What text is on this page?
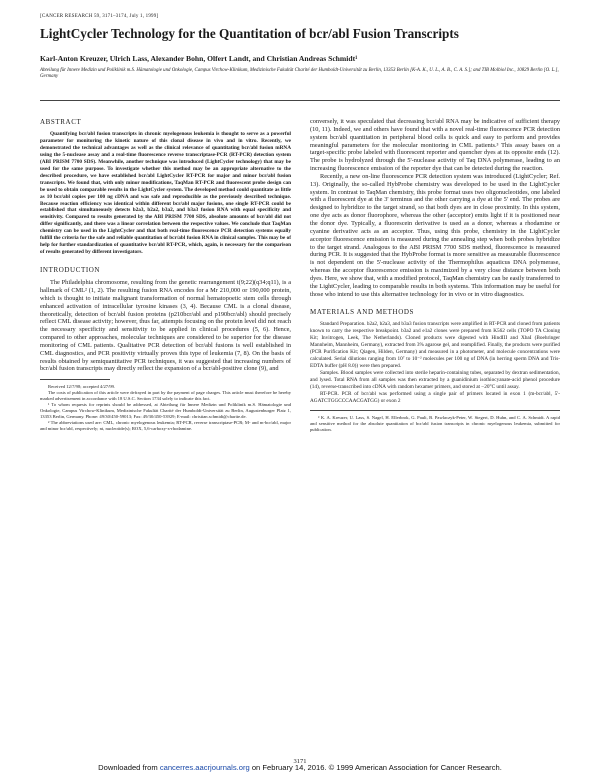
[CANCER RESEARCH 59, 3171–3174, July 1, 1999]
LightCycler Technology for the Quantitation of bcr/abl Fusion Transcripts
Karl-Anton Kreuzer, Ulrich Lass, Alexander Bohn, Olfert Landt, and Christian Andreas Schmidt¹
Abteilung für Innere Medizin und Poliklinik m.S. Hämatologie und Onkologie, Campus Virchow-Klinikum, Medizinische Fakultät Charité der Humboldt-Universität zu Berlin, 13353 Berlin [K-A. K., U. L., A. B., C. A. S.]; and TIB Molbiol Inc., 10829 Berlin [O. L.], Germany
ABSTRACT

Quantifying bcr/abl fusion transcripts in chronic myelogenous leukemia is thought to serve as a powerful parameter for monitoring the kinetic nature of this clonal disease in vivo and in vitro. Recently, we demonstrated the technical advantages as well as the clinical relevance of quantitating bcr/abl fusion mRNA using the 5-nuclease assay and a real-time fluorescence reverse transcriptase-PCR (RT-PCR) detection system (ABI PRISM 7700 SDS). Meanwhile, another technique was introduced (LightCycler technology) that may be used for the same purpose. To investigate whether this method may be an appropriate alternative to the described procedure, we have established bcr/abl LightCycler RT-PCR for major and minor bcr/abl fusion transcripts. We found that, with only minor modifications, TaqMan RT-PCR and fluorescent probe design can be used to obtain comparable results in the LightCycler system. The developed method could quantitate as little as 10 bcr/abl copies per 100 ng cDNA and was safe and reproducible as the previously described technique. Because reaction efficiency was identical within different bcr/abl major fusions, one single RT-PCR could be established that simultaneously detects b2a3, b2a2, b3a2, and b3a3 fusion RNA with equal specificity and sensitivity. Compared to results generated by the ABI PRISM 7700 SDS, absolute amounts of bcr/abl did not differ significantly, and there was a linear correlation between the respective values. We conclude that TaqMan chemistry can be used in the LightCycler and that both real-time fluorescence PCR detection systems equally fulfill the criteria for the safe and reliable quantitation of bcr/abl fusion RNA in clinical samples. This may be of help for further standardization of quantitative bcr/abl RT-PCR, which, again, is necessary for the comparison of results generated by different investigators.

INTRODUCTION

The Philadelphia chromosome, resulting from the genetic rearrangement t(9;22)(q34;q11), is a hallmark of CML² (1, 2). The resulting fusion RNA encodes for a Mr 210,000 or 190,000 protein, which is thought to initiate malignant transformation of normal hematopoetic stem cells through enhanced activation of intracellular tyrosine kinases (3, 4). Because CML is a clonal disease, theoretically, detection of bcr/abl fusion proteins (p210bcr/abl and p190bcr/abl) should precisely reflect CML disease activity; however, thus far, attempts focusing on the protein level did not reach the necessary specificity and sensitivity to be applied in clinical procedures (5, 6). Hence, compared to other approaches, molecular techniques are considered to be superior for the disease monitoring of CML patients. Qualitative PCR detection of bcr/abl fusions is well established in CML diagnostics, and PCR positivity virtually proves this type of leukemia (7, 8). On the basis of results obtained by semiquantitative PCR techniques, it was suggested that increasing numbers of bcr/abl fusion transcripts may directly reflect the expansion of a bcr/abl-positive clone (9), and

Received 12/7/98; accepted 4/27/99.

The costs of publication of this article were defrayed in part by the payment of page charges. This article must therefore be hereby marked advertisement in accordance with 18 U.S.C. Section 1734 solely to indicate this fact.

¹ To whom requests for reprints should be addressed, at Abteilung für Innere Medizin und Poliklinik m.S. Hämatologie und Onkologie, Campus Virchow-Klinikum, Medizinische Fakultät Charité der Humboldt-Universität zu Berlin, Augustenburger Platz 1, 13353 Berlin, Germany. Phone: 49/30/450-59013; Fax: 49/30/450-53929; E-mail: christian.schmidt@charite.de.

² The abbreviations used are: CML, chronic myelogenous leukemia; RT-PCR, reverse transcriptase-PCR; M- and m-bcr/abl, major and minor bcr/abl, respectively; nt, nucleotide(s); ROX, 5,6-carboxy-x-rhodamine.

conversely, it was speculated that decreasing bcr/abl RNA may be indicative of sufficient therapy (10, 11). Indeed, we and others have found that with a novel real-time fluorescence PCR detection system bcr/abl quantitation in peripheral blood cells is quick and easy to perform and provides meaningful parameters for the molecular monitoring in CML patients.³ This assay bases on a target-specific probe labeled with fluorescent reporter and quencher dyes at its opposite ends (12). The probe is hydrolyzed through the 5'-nuclease activity of Taq DNA polymerase, leading to an increasing fluorescence emission of the reporter dye that can be detected during the reaction.

Recently, a new on-line fluorescence PCR detection system was introduced (LightCycler; Ref. 13). Originally, the so-called HybProbe chemistry was developed to be used in the LightCycler system. In contrast to TaqMan chemistry, this probe format uses two oligonucleotides, one labeled with a fluorescent dye at the 3' terminus and the other carrying a dye at the 5' end. The probes are designed to hybridize to the target strand, so that both dyes are in close proximity. In this system, one dye acts as donor fluorophore, whereas the other (acceptor) emits light if it is positioned near the donor dye. Typically, a fluorescein derivative is used as a donor, whereas a rhodamine or cyanine derivative acts as an acceptor. Thus, using this probe, chemistry in the LightCycler acceptor fluorescence emission is measured during the annealing step when both probes hybridize to the target strand. Analogous to the ABI PRISM 7700 SDS method, fluorescence is measured during PCR. It is suggested that the HybProbe format is more sensitive as measurable fluorescence is not dependent on the 5'-nuclease activity of the Thermophilus aquaticus DNA polymerase, whereas the acceptor fluorescence emission is maximized by a very close distance between both dyes. Here, we show that, with a modified protocol, TaqMan chemistry can be easily transferred to the LightCycler, leading to comparable results in both systems. This information may be useful for those who intend to use this alternative technology for in vivo or in vitro diagnostics.

MATERIALS AND METHODS

Standard Preparation. b2a2, b2a3, and b3a3 fusion transcripts were amplified in RT-PCR and cloned from patients known to carry the respective breakpoint. b3a2 and e1a2 clones were prepared from K562 cells (TOPO TA Cloning Kit; Invitrogen, Leek, The Netherlands). Cloned products were digested with HindIII and XbaI (Boehringer Mannheim, Mannheim, Germany), extracted from 3% agarose gel, and reamplified. Finally, the products were purified (PCR Purification Kit; Qiagen, Hilden, Germany) and measured in a photometer, and molecule concentrations were calculated. Serial dilutions ranging from 10⁷ to 10⁻² molecules per 100 ng of DNA (in herring sperm DNA and Tris-EDTA buffer (pH 8.0)) were then prepared.

Samples. Blood samples were collected into sterile heparin-containing tubes, separated by dextran sedimentation, and lysed. Total RNA from all samples was then extracted by a guanidinium isothiocyanate-acid phenol procedure (14), reverse-transcribed into cDNA with random hexamer primers, and stored at −20°C until assay.

RT-PCR. PCR of bcr/abl was performed using a single pair of primers located in exon 1 (m-bcr/abl, 5'-AGATCTGGCCCAACGATGG) or exon 2

³ K. A. Kreuzer, U. Lass, S. Nagel, H. Ellerbrok, G. Pauli, B. Pawlaczyk-Peter, W. Siegert, D. Huhn, and C. A. Schmidt. A rapid and sensitive method for the absolute quantitation of bcr/abl fusion transcripts in chronic myelogenous leukemia, submitted for publication.

3171
Downloaded from cancerres.aacrjournals.org on February 14, 2016. © 1999 American Association for Cancer Research.
